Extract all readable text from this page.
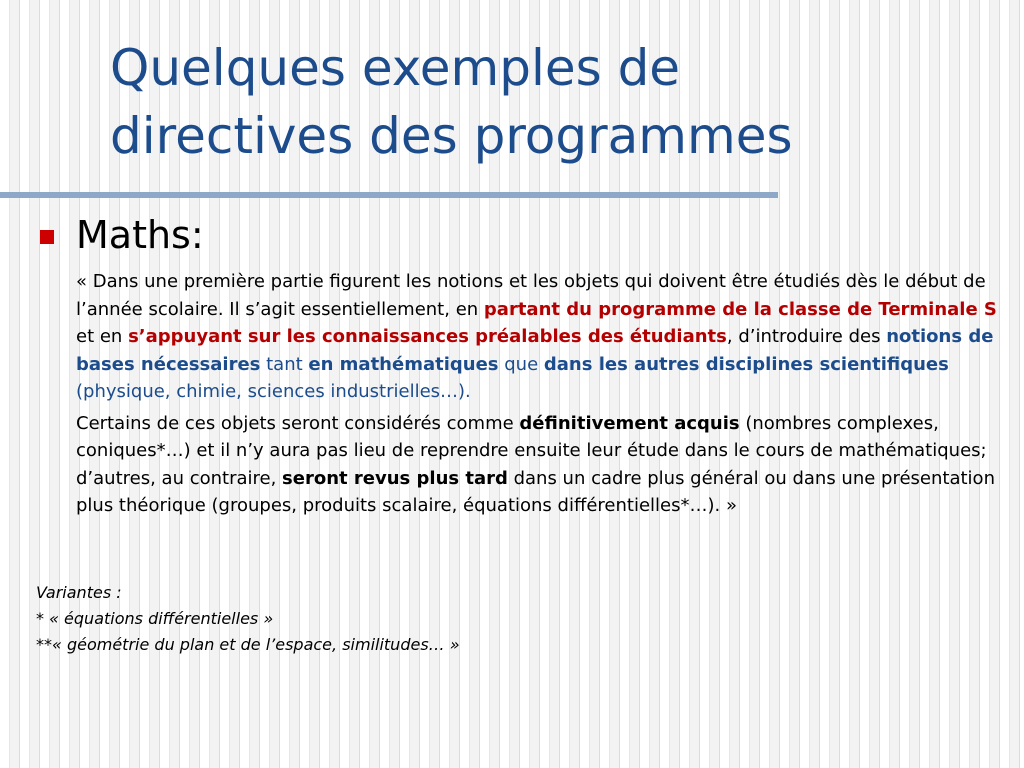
Quelques exemples de
directives des programmes
Maths:

« Dans une première partie figurent les notions et les objets qui doivent être étudiés dès le début de l’année scolaire. Il s’agit essentiellement, en partant du programme de la classe de Terminale S et en s’appuyant sur les connaissances préalables des étudiants, d’introduire des notions de bases nécessaires tant en mathématiques que dans les autres disciplines scientifiques (physique, chimie, sciences industrielles…).

Certains de ces objets seront considérés comme définitivement acquis (nombres complexes, coniques*…) et il n’y aura pas lieu de reprendre ensuite leur étude dans le cours de mathématiques; d’autres, au contraire, seront revus plus tard dans un cadre plus général ou dans une présentation plus théorique (groupes, produits scalaire, équations différentielles*…). »

Variantes :
* « équations différentielles »
**« géométrie du plan et de l’espace, similitudes… »
